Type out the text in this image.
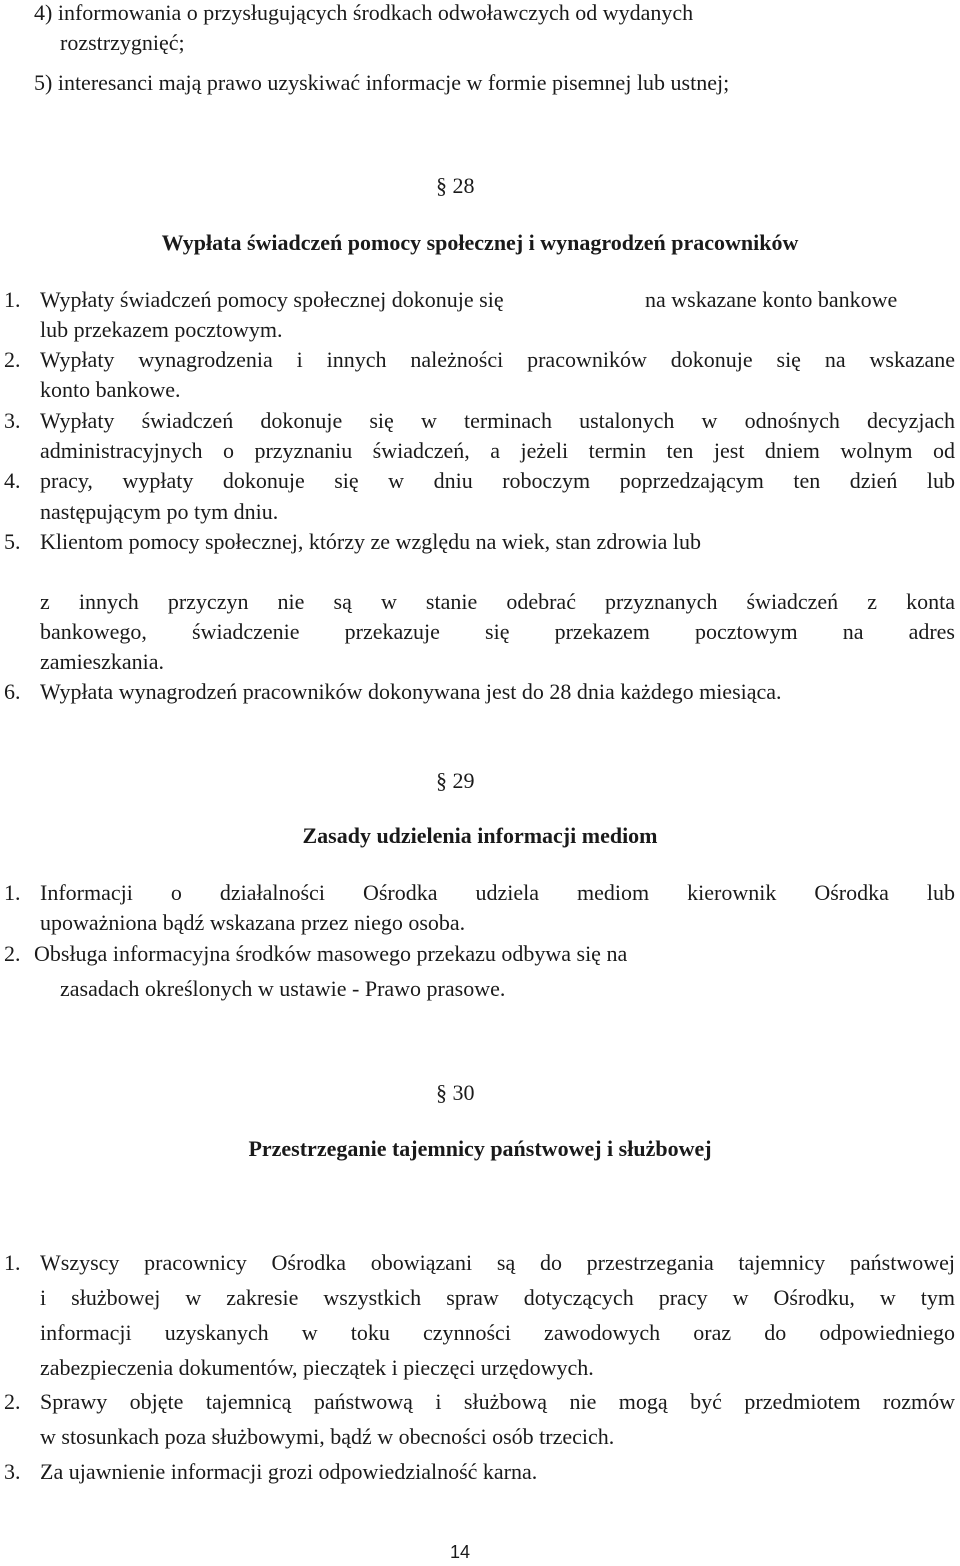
4) informowania o przysługujących środkach odwoławczych od wydanych
rozstrzygnięć;
5) interesanci mają prawo uzyskiwać informacje w formie pisemnej lub ustnej;
§ 28
Wypłata świadczeń pomocy społecznej i wynagrodzeń pracowników
1. Wypłaty świadczeń pomocy społecznej dokonuje się	na wskazane konto bankowe
lub przekazem pocztowym.
2. Wypłaty wynagrodzenia i innych należności pracowników dokonuje się na wskazane
konto bankowe.
3. Wypłaty świadczeń dokonuje się w terminach ustalonych w odnośnych decyzjach
administracyjnych o przyznaniu świadczeń, a jeżeli termin ten jest dniem wolnym od
4. pracy, wypłaty dokonuje się w dniu roboczym poprzedzającym ten dzień lub
następującym po tym dniu.
5. Klientom pomocy społecznej, którzy ze względu na wiek, stan zdrowia lub
z innych przyczyn nie są w stanie odebrać przyznanych świadczeń z konta
bankowego, świadczenie przekazuje się przekazem pocztowym na adres
zamieszkania.
6. Wypłata wynagrodzeń pracowników dokonywana jest do 28 dnia każdego miesiąca.
§ 29
Zasady udzielenia informacji mediom
1. Informacji o działalności Ośrodka udziela mediom kierownik Ośrodka lub
upoważniona bądź wskazana przez niego osoba.
2. Obsługa informacyjna środków masowego przekazu odbywa się na
zasadach określonych w ustawie - Prawo prasowe.
§ 30
Przestrzeganie tajemnicy państwowej i służbowej
1. Wszyscy pracownicy Ośrodka obowiązani są do przestrzegania tajemnicy państwowej
i służbowej w zakresie wszystkich spraw dotyczących pracy w Ośrodku, w tym
informacji uzyskanych w toku czynności zawodowych oraz do odpowiedniego
zabezpieczenia dokumentów, pieczątek i pieczęci urzędowych.
2. Sprawy objęte tajemnicą państwową i służbową nie mogą być przedmiotem rozmów
w stosunkach poza służbowymi, bądź w obecności osób trzecich.
3. Za ujawnienie informacji grozi odpowiedzialność karna.
14
